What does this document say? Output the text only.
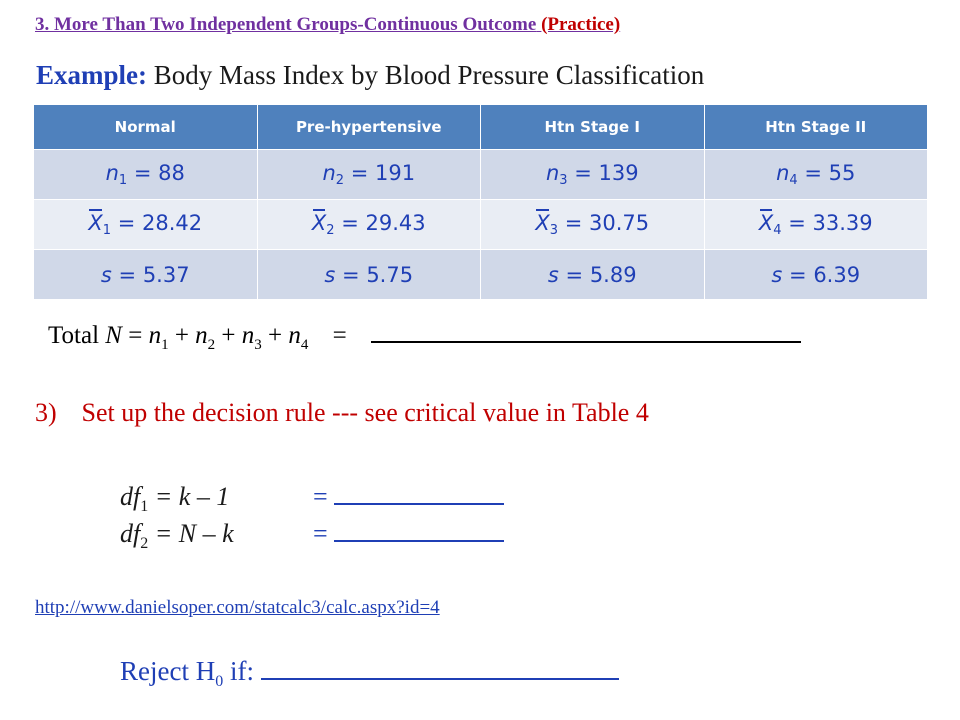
3. More Than Two Independent Groups-Continuous Outcome (Practice)
Example: Body Mass Index by Blood Pressure Classification
Normal	Pre-hypertensive	Htn Stage I	Htn Stage II
$n_1 = 88$	$n_2 = 191$	$n_3 = 139$	$n_4 = 55$
$X_1 = 28.42$	$X_2 = 29.43$	$X_3 = 30.75$	$X_4 = 33.39$
s = 5.37	s = 5.75	s = 5.89	s = 6.39
Total $N = n_1 + n_2 + n_3 + n_4$ =
3) Set up the decision rule --- see critical value in Table 4
$df_1 = k - 1$	=
$df_2 = N - k$	=
http://www.danielsoper.com/statcalc3/calc.aspx?id=4
Reject $H_0$ if:
